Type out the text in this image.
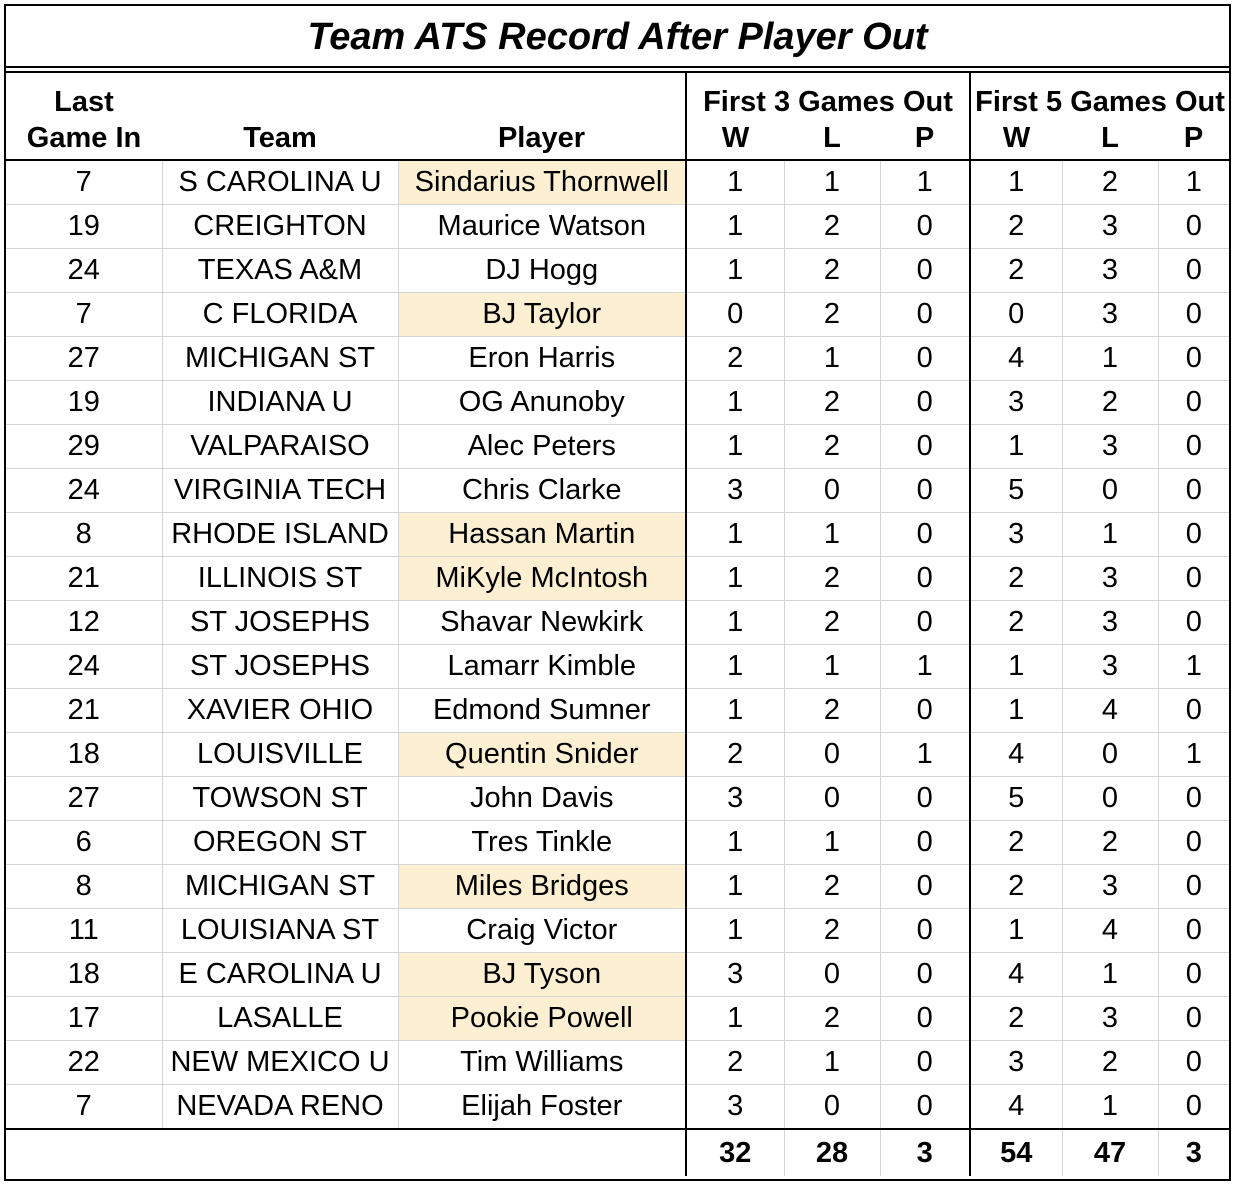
Team ATS Record After Player Out
Last			First 3 Games Out			First 5 Games Out		
Game In	Team	Player	W	L	P	W	L	P
7	S CAROLINA U	Sindarius Thornwell	1	1	1	1	2	1
19	CREIGHTON	Maurice Watson	1	2	0	2	3	0
24	TEXAS A&M	DJ Hogg	1	2	0	2	3	0
7	C FLORIDA	BJ Taylor	0	2	0	0	3	0
27	MICHIGAN ST	Eron Harris	2	1	0	4	1	0
19	INDIANA U	OG Anunoby	1	2	0	3	2	0
29	VALPARAISO	Alec Peters	1	2	0	1	3	0
24	VIRGINIA TECH	Chris Clarke	3	0	0	5	0	0
8	RHODE ISLAND	Hassan Martin	1	1	0	3	1	0
21	ILLINOIS ST	MiKyle McIntosh	1	2	0	2	3	0
12	ST JOSEPHS	Shavar Newkirk	1	2	0	2	3	0
24	ST JOSEPHS	Lamarr Kimble	1	1	1	1	3	1
21	XAVIER OHIO	Edmond Sumner	1	2	0	1	4	0
18	LOUISVILLE	Quentin Snider	2	0	1	4	0	1
27	TOWSON ST	John Davis	3	0	0	5	0	0
6	OREGON ST	Tres Tinkle	1	1	0	2	2	0
8	MICHIGAN ST	Miles Bridges	1	2	0	2	3	0
11	LOUISIANA ST	Craig Victor	1	2	0	1	4	0
18	E CAROLINA U	BJ Tyson	3	0	0	4	1	0
17	LASALLE	Pookie Powell	1	2	0	2	3	0
22	NEW MEXICO U	Tim Williams	2	1	0	3	2	0
7	NEVADA RENO	Elijah Foster	3	0	0	4	1	0
			32	28	3	54	47	3
